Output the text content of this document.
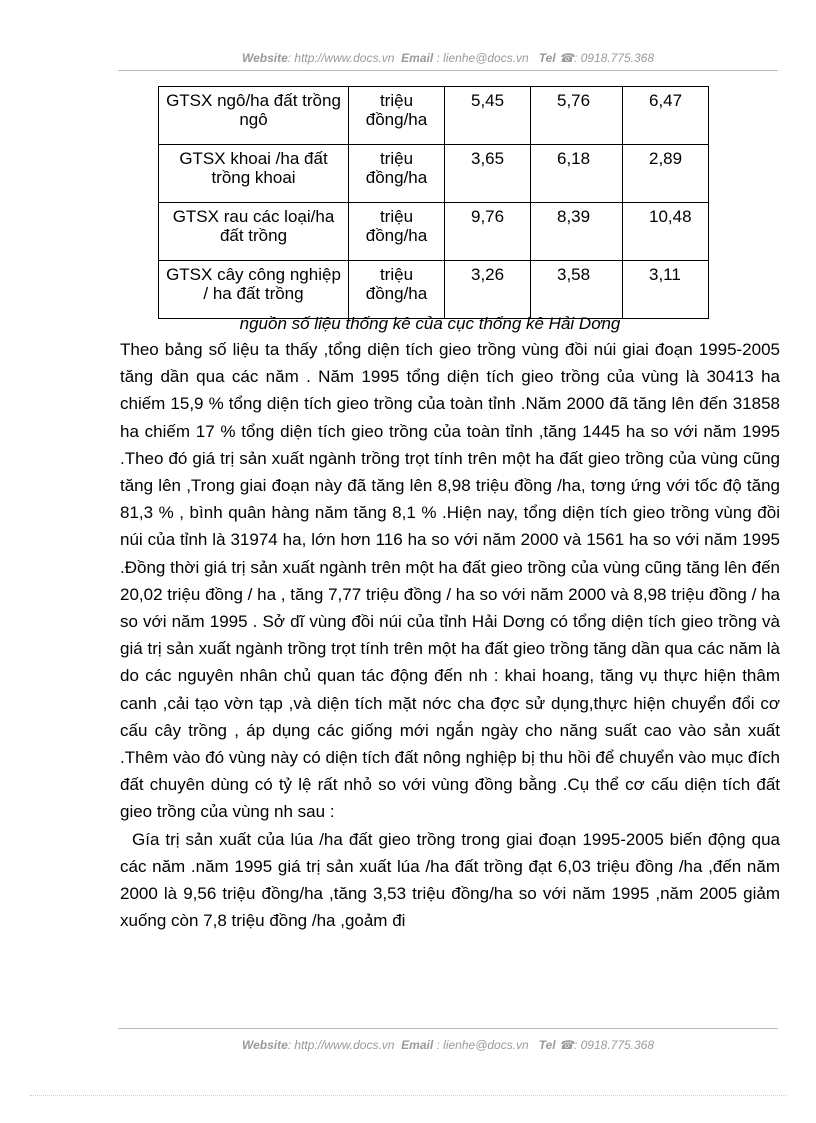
Website: http://www.docs.vn Email : lienhe@docs.vn Tel ☎: 0918.775.368
GTSX ngô/ha đất trồng ngô	triệu đồng/ha	5,45	5,76	6,47
GTSX khoai /ha đất trồng khoai	triệu đồng/ha	3,65	6,18	2,89
GTSX rau các loại/ha đất trồng	triệu đồng/ha	9,76	8,39	10,48
GTSX cây công nghiệp / ha đất trồng	triệu đồng/ha	3,26	3,58	3,11
nguồn số liệu thống kê của cục thống kê Hải Dơng

Theo bảng số liệu ta thấy ,tổng diện tích gieo trồng vùng đồi núi giai đoạn 1995-2005 tăng dần qua các năm . Năm 1995 tổng diện tích gieo trồng của vùng là 30413 ha chiếm 15,9 % tổng diện tích gieo trồng của toàn tỉnh .Năm 2000 đã tăng lên đến 31858 ha chiếm 17 % tổng diện tích gieo trồng của toàn tỉnh ,tăng 1445 ha so với năm 1995 .Theo đó giá trị sản xuất ngành trồng trọt tính trên một ha đất gieo trồng của vùng cũng tăng lên ,Trong giai đoạn này đã tăng lên 8,98 triệu đồng /ha, tơng ứng với tốc độ tăng 81,3 % , bình quân hàng năm tăng 8,1 % .Hiện nay, tổng diện tích gieo trồng vùng đồi núi của tỉnh là 31974 ha, lớn hơn 116 ha so với năm 2000 và 1561 ha so với năm 1995 .Đồng thời giá trị sản xuất ngành trên một ha đất gieo trồng của vùng cũng tăng lên đến 20,02 triệu đồng / ha , tăng 7,77 triệu đồng / ha so với năm 2000 và 8,98 triệu đồng / ha so với năm 1995 . Sở dĩ vùng đồi núi của tỉnh Hải Dơng có tổng diện tích gieo trồng và giá trị sản xuất ngành trồng trọt tính trên một ha đất gieo trồng tăng dần qua các năm là do các nguyên nhân chủ quan tác động đến nh : khai hoang, tăng vụ thực hiện thâm canh ,cải tạo vờn tạp ,và diện tích mặt nớc cha đợc sử dụng,thực hiện chuyển đổi cơ cấu cây trồng , áp dụng các giống mới ngắn ngày cho năng suất cao vào sản xuất .Thêm vào đó vùng này có diện tích đất nông nghiệp bị thu hồi để chuyển vào mục đích đất chuyên dùng có tỷ lệ rất nhỏ so với vùng đồng bằng .Cụ thể cơ cấu diện tích đất gieo trồng của vùng nh sau :

Gía trị sản xuất của lúa /ha đất gieo trồng trong giai đoạn 1995-2005 biến động qua các năm .năm 1995 giá trị sản xuất lúa /ha đất trồng đạt 6,03 triệu đồng /ha ,đến năm 2000 là 9,56 triệu đồng/ha ,tăng 3,53 triệu đồng/ha so với năm 1995 ,năm 2005 giảm xuống còn 7,8 triệu đồng /ha ,goảm đi

Website: http://www.docs.vn Email : lienhe@docs.vn Tel ☎: 0918.775.368
